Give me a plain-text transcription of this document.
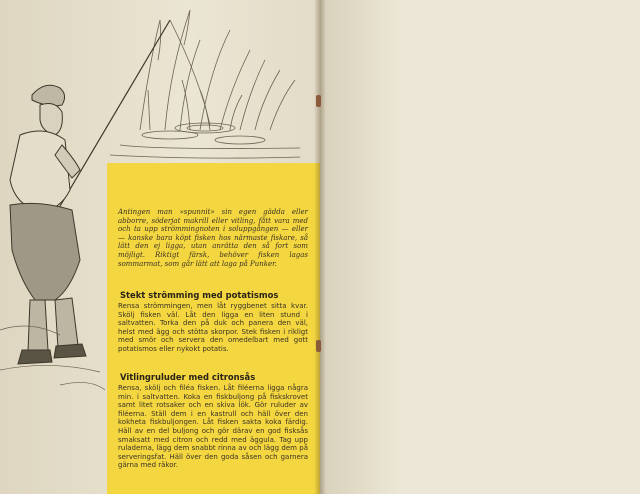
Antingen man »spunnit» sin egen gädda eller abborre, söderjat makrill eller vitling, fått vara med och ta upp strömmingnoten i soluppgången — eller — kanske bara köpt fisken hos närmaste fiskare, så lätt den ej ligga, utan anrätta den så fort som möjligt. Riktigt färsk, behöver fisken lagas sommarmat, som går lätt att laga på Punker.
Stekt strömming med potatismos
Rensa strömmingen, men låt ryggbenet sitta kvar. Skölj fisken väl. Låt den ligga en liten stund i saltvatten. Torka den på duk och panera den väl, helst med ägg och stötta skorpor. Stek fisken i rikligt med smör och servera den omedelbart med gott potatismos eller nykokt potatis.
Vitlingruluder med citronsås
Rensa, skölj och filéa fisken. Låt filéerna ligga några min. i saltvatten. Koka en fiskbuljong på fiskskrovet samt litet rotsaker och en skiva lök. Gör ruluder av filéerna. Ställ dem i en kastrull och häll över den kokheta fiskbuljongen. Låt fisken sakta koka färdig. Häll av en del buljong och gör därav en god fisksås smaksatt med citron och redd med äggula. Tag upp ruladerna, lägg dem snabbt rinna av och lägg dem på serveringsfat. Häll över den goda såsen och garnera gärna med räkor.
